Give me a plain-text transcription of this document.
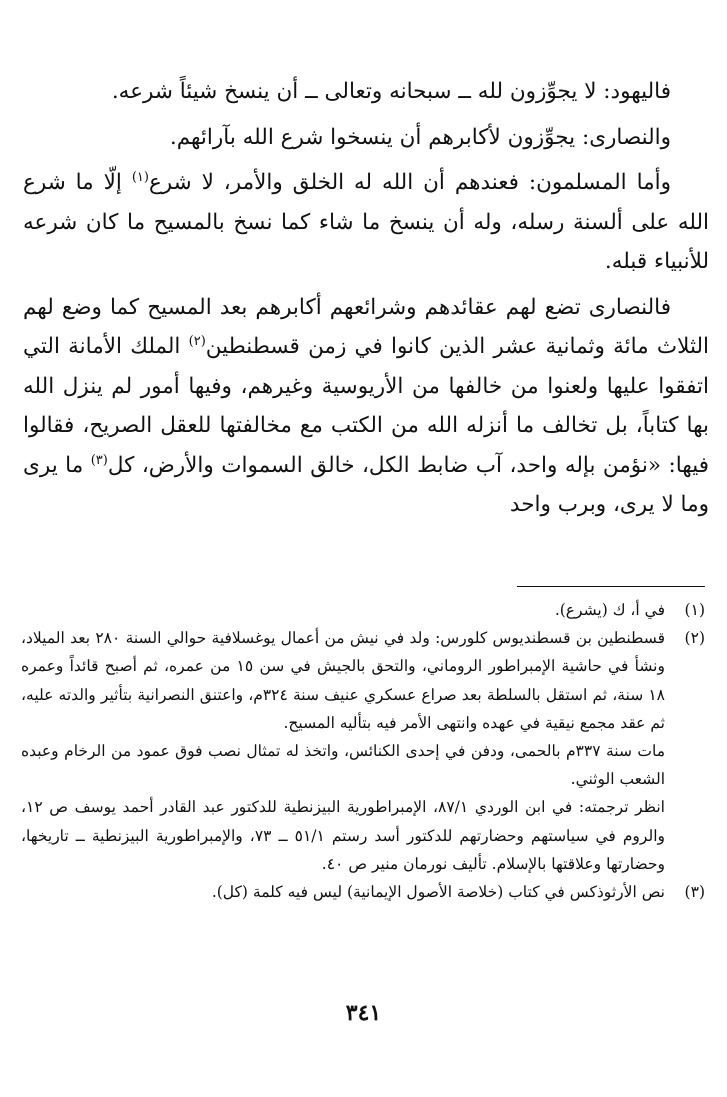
فاليهود: لا يجوِّزون لله ــ سبحانه وتعالى ــ أن ينسخ شيئاً شرعه.

والنصارى: يجوِّزون لأكابرهم أن ينسخوا شرع الله بآرائهم.

وأما المسلمون: فعندهم أن الله له الخلق والأمر، لا شرع$^{(١)}$ إلّا ما شرع الله على ألسنة رسله، وله أن ينسخ ما شاء كما نسخ بالمسيح ما كان شرعه للأنبياء قبله.

فالنصارى تضع لهم عقائدهم وشرائعهم أكابرهم بعد المسيح كما وضع لهم الثلاث مائة وثمانية عشر الذين كانوا في زمن قسطنطين$^{(٢)}$ الملك الأمانة التي اتفقوا عليها ولعنوا من خالفها من الأريوسية وغيرهم، وفيها أمور لم ينزل الله بها كتاباً، بل تخالف ما أنزله الله من الكتب مع مخالفتها للعقل الصريح، فقالوا فيها: «نؤمن بإله واحد، آب ضابط الكل، خالق السموات والأرض، كل$^{(٣)}$ ما يرى وما لا يرى، وبرب واحد

(١)

في أ، ك (يشرع).

(٢)

قسطنطين بن قسطنديوس كلورس: ولد في نيش من أعمال يوغسلافية حوالي السنة ٢٨٠ بعد الميلاد، ونشأ في حاشية الإمبراطور الروماني، والتحق بالجيش في سن ١٥ من عمره، ثم أصبح قائداً وعمره ١٨ سنة، ثم استقل بالسلطة بعد صراع عسكري عنيف سنة ٣٢٤م، واعتنق النصرانية بتأثير والدته عليه، ثم عقد مجمع نيقية في عهده وانتهى الأمر فيه بتأليه المسيح.

مات سنة ٣٣٧م بالحمى، ودفن في إحدى الكنائس، واتخذ له تمثال نصب فوق عمود من الرخام وعبده الشعب الوثني.

انظر ترجمته: في ابن الوردي ٨٧/١، الإمبراطورية البيزنطية للدكتور عبد القادر أحمد يوسف ص ١٢، والروم في سياستهم وحضارتهم للدكتور أسد رستم ٥١/١ ــ ٧٣، والإمبراطورية البيزنطية ــ تاريخها، وحضارتها وعلاقتها بالإسلام. تأليف نورمان منير ص ٤٠.

(٣)

نص الأرثوذكس في كتاب (خلاصة الأصول الإيمانية) ليس فيه كلمة (كل).

٣٤١
